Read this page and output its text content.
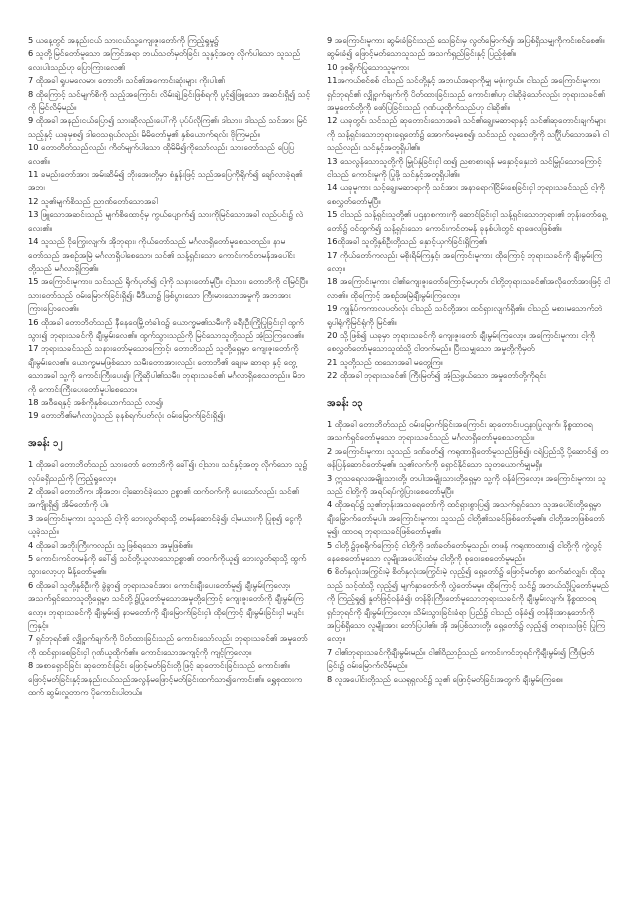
5 ယနေ့တွင် အနည်းငယ် သားငယ်သူ့ကျေးဇူးတော်ကို ကြည့်ရှုမှု၌

6 သူတို့မြင်တော်မူသော အကြင်အရာ ဘယ်သတ်မှတ်ခြင်း သူနှင့်အတူ လိုက်ပါသော သူသည် လေးပါးသည်ဟု ပြောကြားလေ၏

7 ထိုအခါ ရှုပမလေမာ၊ တောဘိ၊ သင်၏အကောင်းဆုံးများ ကိုးပါး၏

8 ထိုကြောင့် သင်မျက်စိကို သည့်အကြောင်း လိမ်းချဲ့ခြင်းဖြစ်ရကို ပွင့်၍ဖြူသော အဆင်းရှိ၍ သင့်ကို မြင်လိမ့်မည်။

9 ထိုအခါ အနည်းငယ်ပြော၍ သားဆိုလည်းပေါ်ကို ပုပ်ပ်လိုကြ၏၊ ဒါသား၊ ဒါသည် သင်အား မြင်သည့်နှင့် ယခုမှစ၍ ဒါဝေသရှယ်လည်း မိမိတော်မှု၏ နှစ်ယောက်ရလ်း ဗိုကြမည်။

10 တောတိတ်သည်လည်း ကိတ်မျက်ပါသော ထိုမိမိ၍ကိုသော်လည်း သားတော်သည် ပြေပြလေ၏။

11 ခမည်းတော်အား အမ်းဆိမ်၍ ဘိုးအေးတို့မှာ စံနှုန်းဖြင့် သည်အပြေကိုရိုက်၍ ချော်လာခဲ့ရ၏ အဘ၊

12 သူ၏မျက်စိသည် ညာဏ်တော်သောအခါ

13 ဖြူသောအဆင်းသည် မျက်စိထောင့်မှ ကွယ်ပျောက်၍ သားကိုမြင်သောအခါ လည်ပင်း၌ လဲလေး၏။

14 သူသည် ငိုကြွေးလျက်၊ အိုဘုရား၊ ကိုယ်တော်သည် မင်္ဂလာရှိတော်မူစေသတည်း၊ နာမတော်သည် အစဉ်အမြဲ မင်္ဂလာရှိပါစေသော၊ သင်၏ သန့်ရှင်းသော ကောင်းကင်တမန်အပေါင်းတို့သည် မင်္ဂလာရှိကြ၏။

15 အကြောင်းမူကား၊ သင်သည် ရိုက်ပုတ်၍ ငါ့ကို သနားတော်မူပြီ။ ငါ့သား၊ တောဘိကို ငါမြင်ပြီ။ သားတော်သည် ဝမ်းမြောက်ခြင်းရှိ၍၊ မီဒီယာ၌ ဖြစ်ပွားသော ကြီးမားသောအမှုကို အဘအား ကြားပြောလေ၏။

16 ထိုအခါ တောဘိတ်သည် နီနေဝေမြို့တံခါးဝ၌ ယောက္ခမ၏သမီးကို ခရီးဦးကြိုပြုခြင်းငှါ ထွက်သွား၍ ဘုရားသခင်ကို ချီးမွမ်းလေ၏။ ထွက်သွားသည်ကို မြင်သောသူတို့သည် အံ့ဩကြလေ၏။

17 ဘုရားသခင်သည် သနားတော်မူသောကြောင့်၊ တောဘိသည် သူတို့ရှေ့မှာ ကျေးဇူးတော်ကို ချီးမွမ်းလေ၏။ ယောက္ခမမဖြစ်သော သမီးတောအားလည်း တောဘိ၏ ချေးမ ဆာရာ နှင့် တွေ့သောအခါ သူ့ကို ကောင်းကြီးပေး၍၊ ကြိုဆိုပါ၏သမီး၊ ဘုရားသခင်၏ မင်္ဂလာရှိစေသတည်း။ မိဘကို ကောင်းကြီးပေးတော်မူပါစေသော။

18 အဝီရေနှင့် အစ်ကိုနှစ်ယောက်သည် လာ၍၊

19 တောဘိ၏မင်္ဂလာပွဲသည် ခုနစ်ရက်ပတ်လုံး ဝမ်းမြောက်ခြင်းရှိ၍၊

အခန်း ၁၂

1 ထိုအခါ တောဘိတ်သည် သားတော် တောဘိကို ခေါ်၍၊ ငါ့သား၊ သင်နှင့်အတူ လိုက်သော သူ၌ လုပ်ခရှိသည်ကို ကြည့်ရှုလော့။

2 ထိုအခါ တောဘိက၊ အိုအဘ၊ ငါ့ဆောင်ခဲ့သော ဥစ္စာ၏ ထက်ဝက်ကို ပေးသော်လည်း သင်၏ အကျိုးရှိ၍ အိမ်တော်ကို ပါ။

3 အကြောင်းမူကား သူသည် ငါ့ကို ဘေးလွတ်ရာသို့ တမန်ဆောင်ခဲ့၍၊ ငါ့မယားကို ပြုစု၍ ငွေကို ယူခဲ့သည်။

4 ထိုအခါ အဘိုးကြီးကလည်း သူ့ဖြစ်ရသော အမှုဖြစ်၏။

5 ကောင်းကင်တမန်ကို ခေါ်၍ သင်တို့ယူလာသောဥစ္စာ၏ တဝက်ကိုယူ၍ ဘေးလွတ်ရာသို့ ထွက်သွားလော့ဟု မိန့်တော်မူ၏။

6 ထိုအခါ သူတို့နှစ်ဦးကို ခွဲခွာ၍ ဘုရားသခင်အား ကောင်းချီးပေးတော်မူ၍ ချီးမွမ်းကြလော့၊ အသက်ရှင်သောသူတို့ရှေ့မှာ သင်တို့၌ပြုတော်မူသောအမှုတို့ကြောင့် ကျေးဇူးတော်ကို ချီးမွမ်းကြလော့။ ဘုရားသခင်ကို ချီးမွမ်း၍ နာမတော်ကို ချီးမြောက်ခြင်းငှါ၊ ထိုကြောင့် ချီးမွမ်းခြင်းငှါ မပျင်းကြနှင့်။

7 ရှင်ဘုရင်၏ လျှို့ဝှက်ချက်ကို ပိတ်ထားခြင်းသည် ကောင်းသော်လည်း ဘုရားသခင်၏ အမှုတော်ကို ထင်ရှားစေခြင်းငှါ ဂုဏ်ယူထိုက်၏။ ကောင်းသောအကျင့်ကို ကျင့်ကြလော့။

8 အစာရှောင်ခြင်း ဆုတောင်းခြင်း ဖြောင့်မတ်ခြင်းတို့ဖြင့် ဆုတောင်းခြင်းသည် ကောင်း၏။ ဖြောင့်မတ်ခြင်းနှင့်အနည်းငယ်သည်အလွန်မဖြောင့်မတ်ခြင်းထက်သာ၍ကောင်း၏။ ရွှေစုထားကထက် ဆွမ်းလှူတာက ပိုကောင်းပါတယ်။

9 အကြောင်းမူကား ဆွမ်းခံခြင်းသည် သေခြင်းမှ လွတ်မြောက်၍၊ အပြစ်ရှိသမျှကိုကင်းစင်စေ၏။ ဆွမ်းခံ၍ ဖြောင့်မတ်သောသူသည် အသက်ရှည်ခြင်းနှင့် ပြည့်စုံ၏။

10 ဒုစရိုက်ပြုသောသူမူကား

11အကယ်စင်စစ် ငါသည် သင်တို့နှင့် အဘယ်အရာကိုမျှ မဖုံးကွယ်။ ငါသည် အကြောင်းမူကား ရှင်ဘုရင်၏ လျှို့ဝှက်ချက်ကို ပိတ်ထားခြင်းသည် ကောင်း၏ဟု ငါဆိုခဲ့သော်လည်း ဘုရားသခင်၏ အမှုတော်တို့ကို ဖော်ပြခြင်းသည် ဂုဏ်ယူထိုက်သည်ဟု ငါဆို၏။

12 ယခုတွင်၊ သင်သည် ဆုတောင်းသောအခါ၊ သင်၏ချွေးမဆာရာနှင့် သင်၏ဆုတောင်းချက်များကို သန့်ရှင်းသောဘုရားရှေ့တော်၌ အောက်မေ့စေ၍၊ သင်သည် လူသေတို့ကို သင်္ဂြိုဟ်သောအခါ၊ ငါသည်လည်း သင်နှင့်အတူရှိပါ၏။

13 သေလွန်သောသူတို့ကို မြှုပ်နှံခြင်းငှါ ထ၍ ညစာစားရန် မနှောင့်နှေးဘဲ သင်မြှုပ်သောကြောင့် ငါသည် ကောင်းမှုကို ပြုဖို့ သင်နှင့်အတူရှိပါ၏။

14 ယခုမူကား သင့်ချွေးမဆာရာကို သင်အား အနာရောဂါငြိမ်းစေခြင်းငှါ ဘုရားသခင်သည် ငါ့ကို စေလွှတ်တော်မူပြီ။

15 ငါသည် သန့်ရှင်းသူတို့၏ ပဌနာစကားကို ဆောင်ခြင်းငှါ သန့်ရှင်းသောဘုရား၏ ဘုန်းတော်ရှေ့တော်၌ ဝင်ထွက်၍ သန့်ရှင်းသော ကောင်းကင်တမန် ခုနစ်ပါးတွင် ရာဖေလဖြစ်၏။

16ထိုအခါ သူတို့နှစ်ဦးတို့သည် နှောင့်ယှက်ခြင်းရှိကြ၏၊

17 ကိုယ်တော်ကလည်း မစိုးရိမ်ကြနှင့်၊ အကြောင်းမူကား ထိုကြောင့် ဘုရားသခင်ကို ချီးမွမ်းကြလော့။

18 အကြောင်းမူကား ငါ၏ကျေးဇူးတော်ကြောင့်မဟုတ်၊ ငါတို့ဘုရားသခင်၏အလိုတော်အားဖြင့် ငါလာ၏။ ထိုကြောင့် အစဉ်အမြဲချီးမွမ်းကြလော့။

19 ကျွန်ုပ်ကကာလပတ်လုံး ငါသည် သင်တို့အား ထင်ရှားလျက်ရှိ၏။ ငါသည် မစားမသောက်ဘဲ ရူပါရုံကိုမြင်ရုံကို မြင်၏။

20 သို့ဖြစ်၍ ယခုမှာ ဘုရားသခင်ကို ကျေးဇူးတော် ချီးမွမ်းကြလော့။ အကြောင်းမူကား ငါ့ကိုစေလွှတ်တော်မူသောသူထံသို့ ငါတက်မည်။ ပြီးသမျှသော အမှုတို့ကိုမှတ်

21 သူတို့သည် ထသောအခါ မတွေ့ကြ။

22 ထိုအခါ ဘုရားသခင်၏ ကြီးမြတ်၍ အံ့ဩဖွယ်သော အမှုတော်တို့ကိုရင်း

အခန်း ၁၃

1 ထိုအခါ တောဘိတ်သည် ဝမ်းမြောက်ခြင်းအကြောင်း ဆုတောင်းပဌနာပြုလျက်၊ နိစ္စထာဝရအသက်ရှင်တော်မူသော ဘုရားသခင်သည် မင်္ဂလာရှိတော်မူစေသတည်း။

2 အကြောင်းမူကား သူသည် ဒဏ်ခတ်၍ ကရုဏာရှိတော်မူသည်ဖြစ်၍၊ ငရဲပြည်သို့ ပို့ဆောင်၍ တဖန်ပြန်ဆောင်တော်မူ၏။ သူ၏လက်ကို ရှောင်နိုင်သော သူတယောက်မျှမရှိ။

3 ဣသရေလအမျိုးသားတို့၊ တပါးအမျိုးသားတို့ရှေ့မှာ သူ့ကို ဝန်ခံကြလော့။ အကြောင်းမူကား သူသည် ငါတို့ကို အရပ်ရပ်ကွဲပြားစေတော်မူပြီ။

4 ထိုအရပ်၌ သူ၏ဘုန်းအသရေတော်ကို ထင်ရှားစွာပြ၍ အသက်ရှင်သော သူအပေါင်းတို့ရှေ့မှာ ချီးမြှောက်တော်မူပါ။ အကြောင်းမူကား သူသည် ငါတို့၏သခင်ဖြစ်တော်မူ၏။ ငါတို့အဘဖြစ်တော်မူ၍၊ ထာဝရ ဘုရားသခင်ဖြစ်တော်မူ၏။

5 ငါတို့၌ဒုစရိုက်ကြောင့် ငါတို့ကို ဒဏ်ခတ်တော်မူသည်၊ တဖန် ကရုဏာထား၍ ငါတို့ကို ကွဲလွင့်နေစေတော်မူသော လူမျိုးအပေါင်းထံမှ ငါတို့ကို စုဝေးစေတော်မူမည်။

6 စိတ်နှလုံးအကြွင်းမဲ့ စိတ်နှလုံးအကြွင်းမဲ့ လှည့်၍ ရှေ့တော်၌ ဖြောင့်မတ်စွာ ဆက်ဆံလျှင်၊ ထိုသူသည် သင့်ထံသို့ လှည့်၍ မျက်နှာတော်ကို လွှဲတော်မမူ။ ထိုကြောင့် သင်၌ အဘယ်သို့ပြုတော်မူမည်ကို ကြည့်ရှု၍ နှုတ်ဖြင့်ဝန်ခံ၍၊ တန်ခိုးကြီးတော်မူသောဘုရားသခင်ကို ချီးမွမ်းလျက်၊ နိစ္စထာဝရရှင်ဘုရင်ကို ချီးမွမ်းကြလော့။ သိမ်းသွားခြင်းခံရာ ပြည်၌ ငါသည် ဝန်ခံ၍ တန်ခိုးအာနုဘော်ကို အပြစ်ရှိသော လူမျိုးအား ဘော်ပြပါ၏။ အို အပြစ်သားတို့၊ ရှေ့တော်၌ လှည့်၍ တရားသဖြင့် ပြုကြလော့။

7 ငါ၏ဘုရားသခင်ကိုချီးမွမ်းမည်။ ငါ၏ဝိညာဉ်သည် ကောင်းကင်ဘုရင်ကိုချီးမွမ်း၍ ကြီးမြတ်ခြင်း၌ ဝမ်းမြောက်လိမ့်မည်။

8 လူအပေါင်းတို့သည် ယေရုရှလင်၌ သူ၏ ဖြောင့်မတ်ခြင်းအတွက် ချီးမွမ်းကြစေ။
